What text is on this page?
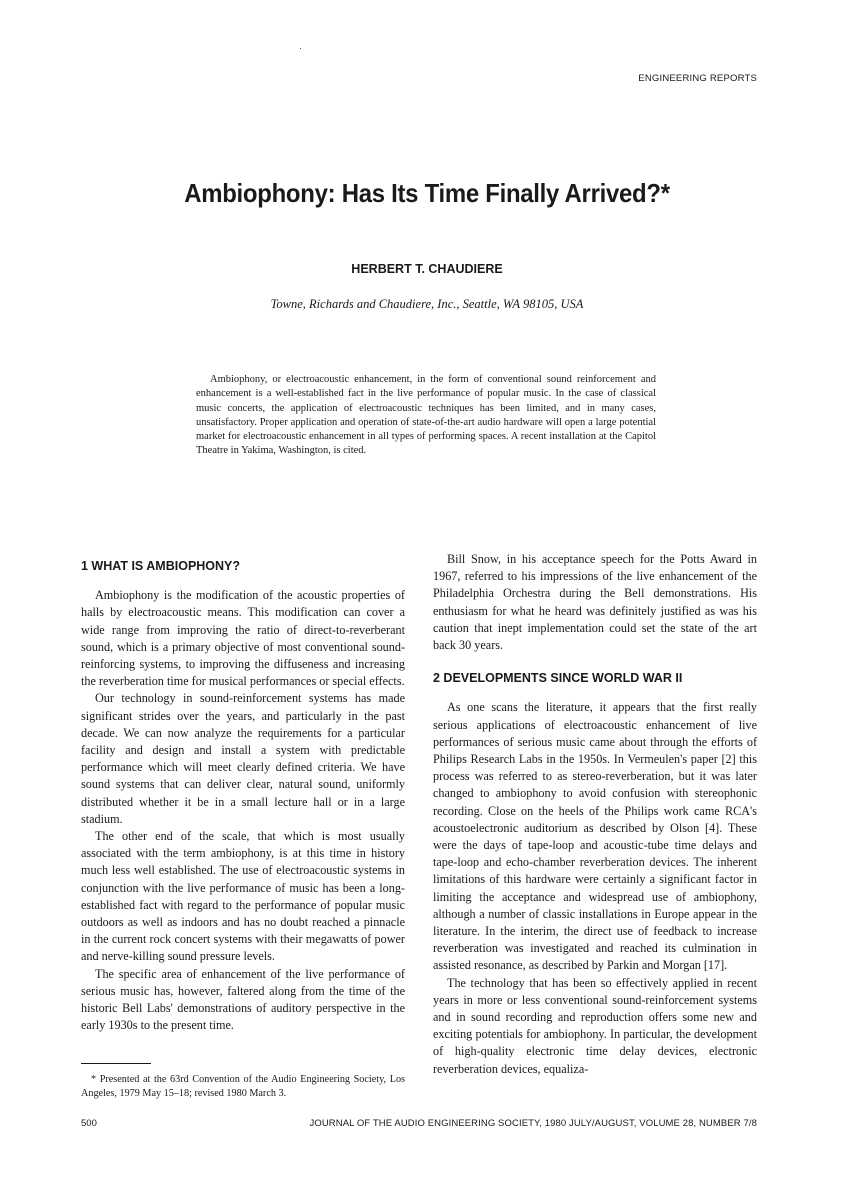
ENGINEERING REPORTS
Ambiophony: Has Its Time Finally Arrived?*
HERBERT T. CHAUDIERE
Towne, Richards and Chaudiere, Inc., Seattle, WA 98105, USA

Ambiophony, or electroacoustic enhancement, in the form of conventional sound reinforcement and enhancement is a well-established fact in the live performance of popular music. In the case of classical music concerts, the application of electroacoustic techniques has been limited, and in many cases, unsatisfactory. Proper application and operation of state-of-the-art audio hardware will open a large potential market for electroacoustic enhancement in all types of performing spaces. A recent installation at the Capitol Theatre in Yakima, Washington, is cited.

1 WHAT IS AMBIOPHONY?

Ambiophony is the modification of the acoustic properties of halls by electroacoustic means. This modification can cover a wide range from improving the ratio of direct-to-reverberant sound, which is a primary objective of most conventional sound-reinforcing systems, to improving the diffuseness and increasing the reverberation time for musical performances or special effects.

Our technology in sound-reinforcement systems has made significant strides over the years, and particularly in the past decade. We can now analyze the requirements for a particular facility and design and install a system with predictable performance which will meet clearly defined criteria. We have sound systems that can deliver clear, natural sound, uniformly distributed whether it be in a small lecture hall or in a large stadium.

The other end of the scale, that which is most usually associated with the term ambiophony, is at this time in history much less well established. The use of electroacoustic systems in conjunction with the live performance of music has been a long-established fact with regard to the performance of popular music outdoors as well as indoors and has no doubt reached a pinnacle in the current rock concert systems with their megawatts of power and nerve-killing sound pressure levels.

The specific area of enhancement of the live performance of serious music has, however, faltered along from the time of the historic Bell Labs' demonstrations of auditory perspective in the early 1930s to the present time.

Bill Snow, in his acceptance speech for the Potts Award in 1967, referred to his impressions of the live enhancement of the Philadelphia Orchestra during the Bell demonstrations. His enthusiasm for what he heard was definitely justified as was his caution that inept implementation could set the state of the art back 30 years.

2 DEVELOPMENTS SINCE WORLD WAR II

As one scans the literature, it appears that the first really serious applications of electroacoustic enhancement of live performances of serious music came about through the efforts of Philips Research Labs in the 1950s. In Vermeulen's paper [2] this process was referred to as stereo-reverberation, but it was later changed to ambiophony to avoid confusion with stereophonic recording. Close on the heels of the Philips work came RCA's acoustoelectronic auditorium as described by Olson [4]. These were the days of tape-loop and acoustic-tube time delays and tape-loop and echo-chamber reverberation devices. The inherent limitations of this hardware were certainly a significant factor in limiting the acceptance and widespread use of ambiophony, although a number of classic installations in Europe appear in the literature. In the interim, the direct use of feedback to increase reverberation was investigated and reached its culmination in assisted resonance, as described by Parkin and Morgan [17].

The technology that has been so effectively applied in recent years in more or less conventional sound-reinforcement systems and in sound recording and reproduction offers some new and exciting potentials for ambiophony. In particular, the development of high-quality electronic time delay devices, electronic reverberation devices, equaliza-

* Presented at the 63rd Convention of the Audio Engineering Society, Los Angeles, 1979 May 15–18; revised 1980 March 3.

500	JOURNAL OF THE AUDIO ENGINEERING SOCIETY, 1980 JULY/AUGUST, VOLUME 28, NUMBER 7/8
